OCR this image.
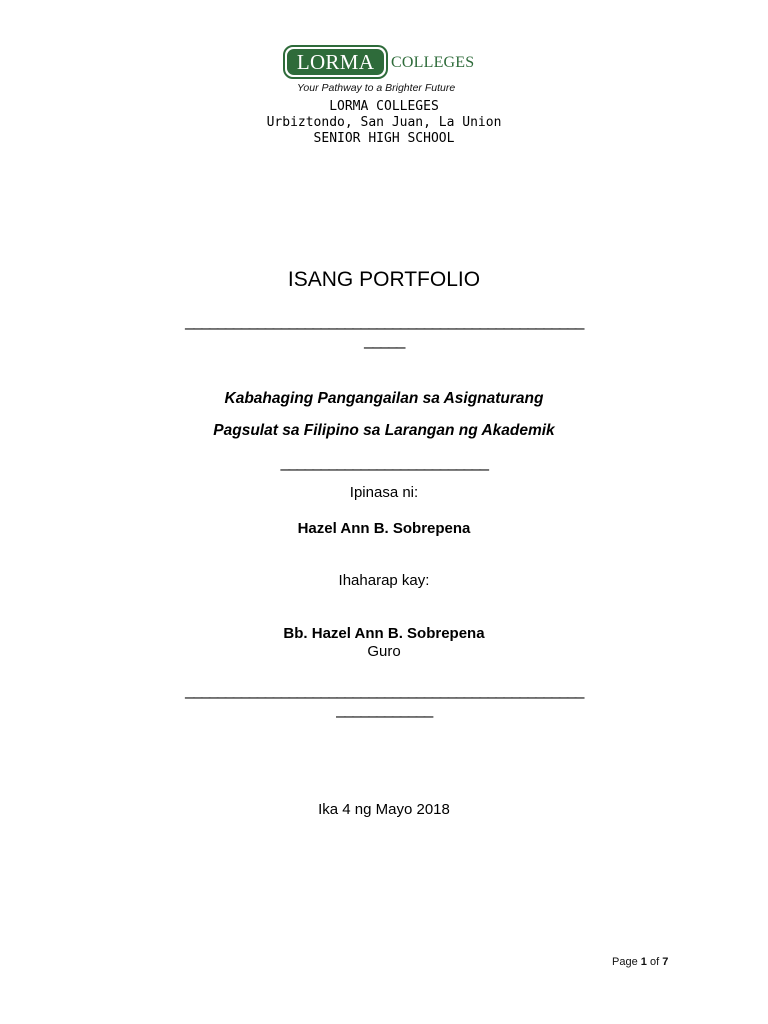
LORMA	COLLEGES
Your Pathway to a Brighter Future
LORMA COLLEGES
Urbiztondo, San Juan, La Union
SENIOR HIGH SCHOOL
ISANG PORTFOLIO
__________________________________________________
_____
Kabahaging Pangangailan sa Asignaturang
Pagsulat sa Filipino sa Larangan ng Akademik
__________________________
Ipinasa ni:
Hazel Ann B. Sobrepena
Ihaharap kay:
Bb. Hazel Ann B. Sobrepena
Guro
__________________________________________________
____________
Ika 4 ng Mayo 2018
Page 1 of 7
